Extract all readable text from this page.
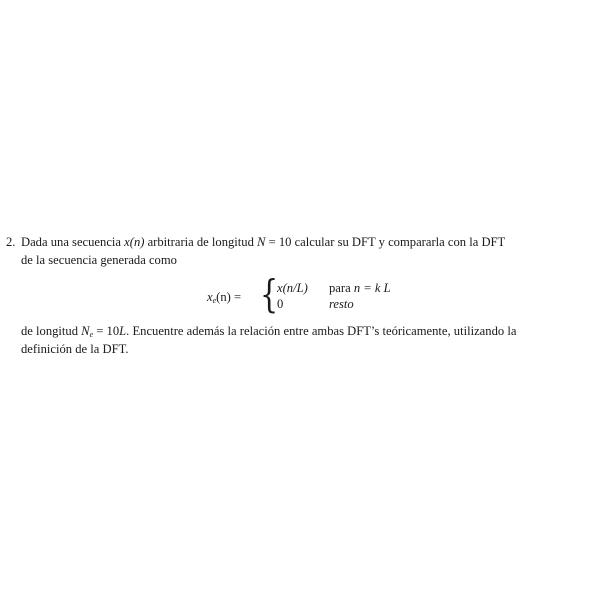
2. Dada una secuencia x(n) arbitraria de longitud N = 10 calcular su DFT y compararla con la DFT
de la secuencia generada como
$x_e(n)$ = {
x(n/L) para n = k L
0	resto
de longitud $N_e = 10L$. Encuentre además la relación entre ambas DFT’s teóricamente, utilizando la
definición de la DFT.
